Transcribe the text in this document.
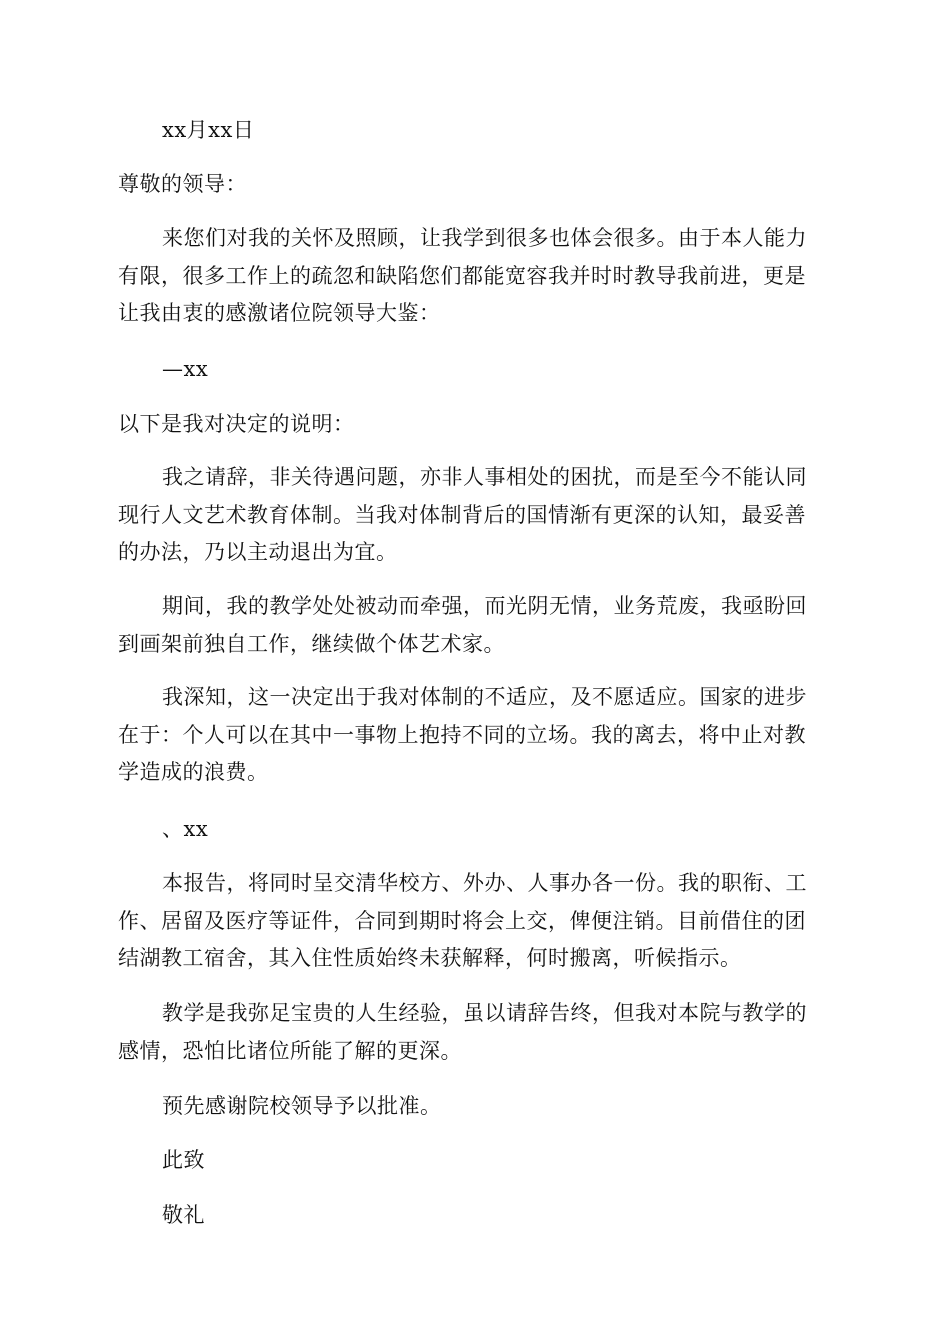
xx月xx日
尊敬的领导：
来您们对我的关怀及照顾，让我学到很多也体会很多。由于本人能力
有限，很多工作上的疏忽和缺陷您们都能宽容我并时时教导我前进，更是
让我由衷的感激诸位院领导大鉴：
—xx
以下是我对决定的说明：
我之请辞，非关待遇问题，亦非人事相处的困扰，而是至今不能认同
现行人文艺术教育体制。当我对体制背后的国情渐有更深的认知，最妥善
的办法，乃以主动退出为宜。
期间，我的教学处处被动而牵强，而光阴无情，业务荒废，我亟盼回
到画架前独自工作，继续做个体艺术家。
我深知，这一决定出于我对体制的不适应，及不愿适应。国家的进步
在于：个人可以在其中一事物上抱持不同的立场。我的离去，将中止对教
学造成的浪费。
、xx
本报告，将同时呈交清华校方、外办、人事办各一份。我的职衔、工
作、居留及医疗等证件，合同到期时将会上交，俾便注销。目前借住的团
结湖教工宿舍，其入住性质始终未获解释，何时搬离，听候指示。
教学是我弥足宝贵的人生经验，虽以请辞告终，但我对本院与教学的
感情，恐怕比诸位所能了解的更深。
预先感谢院校领导予以批准。
此致
敬礼
